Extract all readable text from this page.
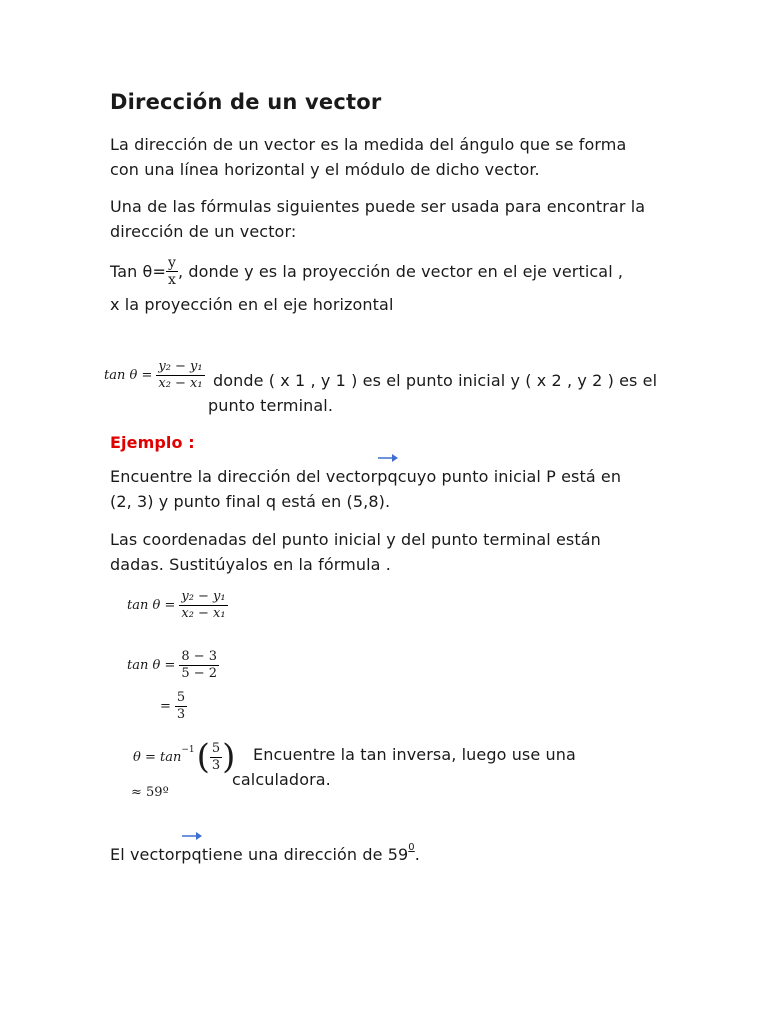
Dirección de un vector
La dirección de un vector es la medida del ángulo que se forma
con una línea horizontal y el módulo de dicho vector.
Una de las fórmulas siguientes puede ser usada para encontrar la
dirección de un vector:
Tan $\theta= \frac{y}{x}$ , donde y es la proyección de vector en el eje vertical ,
x la proyección en el eje horizontal
$\tan \theta = \frac{\text{y₂ − y₁}}{\text{x₂ − x₁}}$ donde ( x 1 , y 1 ) es el punto inicial y ( x 2 , y 2 ) es el
punto terminal.
Ejemplo :
Encuentre la dirección del vector pq cuyo punto inicial P está en
(2, 3) y punto final q está en (5,8).
Las coordenadas del punto inicial y del punto terminal están
dadas. Sustitúyalos en la fórmula .
$\tan \theta = \frac{\text{y₂ − y₁}}{\text{x₂ − x₁}}$
$\tan \theta = \frac{8 - 3}{5 - 2}$
= $\frac{5}{3}$
θ = tan −1 ( $\frac{5}{3}$ )	Encuentre la tan inversa, luego use una
calculadora.
≈ 59º
El vector pq tiene una dirección de 59 0 .
